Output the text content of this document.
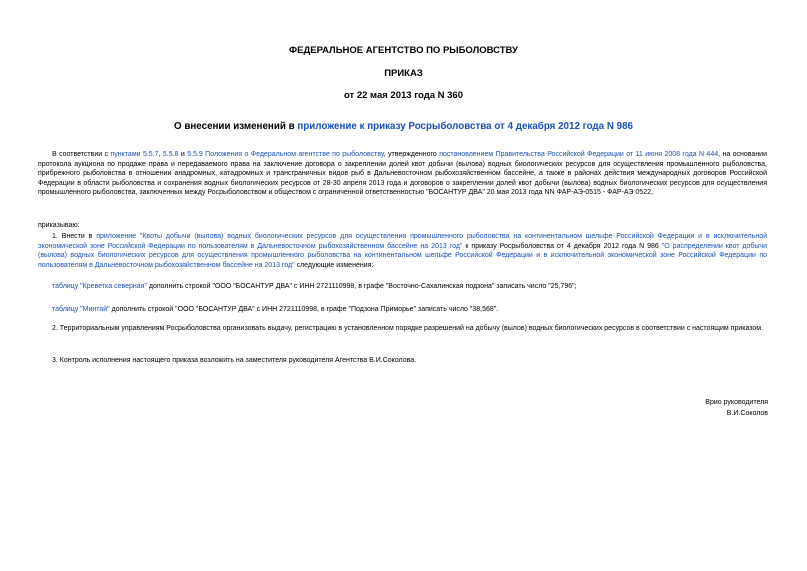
ФЕДЕРАЛЬНОЕ АГЕНТСТВО ПО РЫБОЛОВСТВУ
ПРИКАЗ
от 22 мая 2013 года N 360
О внесении изменений в приложение к приказу Росрыболовства от 4 декабря 2012 года N 986
В соответствии с пунктами 5.5.7, 5.5.8 и 5.5.9 Положения о Федеральном агентстве по рыболовству, утвержденного постановлением Правительства Российской Федерации от 11 июня 2008 года N 444, на основании протокола аукциона по продаже права и передаваемого права на заключение договора о закреплении долей квот добычи (вылова) водных биологических ресурсов для осуществления промышленного рыболовства, прибрежного рыболовства в отношении анадромных, катадромных и трансграничных видов рыб в Дальневосточном рыбохозяйственном бассейне, а также в районах действия международных договоров Российской Федерации в области рыболовства и сохранения водных биологических ресурсов от 28-30 апреля 2013 года и договоров о закреплении долей квот добычи (вылова) водных биологических ресурсов для осуществления промышленного рыболовства, заключенных между Росрыболовством и обществом с ограниченной ответственностью "БОСАНТУР ДВА" 20 мая 2013 года NN ФАР-АЭ-0515 - ФАР-АЭ 0522,
приказываю:
1. Внести в приложение "Квоты добычи (вылова) водных биологических ресурсов для осуществления промышленного рыболовства на континентальном шельфе Российской Федерации и в исключительной экономической зоне Российской Федерации по пользователям в Дальневосточном рыбохозяйственном бассейне на 2013 год" к приказу Росрыболовства от 4 декабря 2012 года N 986 "О распределении квот добычи (вылова) водных биологических ресурсов для осуществления промышленного рыболовства на континентальном шельфе Российской Федерации и в исключительной экономической зоне Российской Федерации по пользователям в Дальневосточном рыбохозяйственном бассейне на 2013 год" следующие изменения:
таблицу "Креветка северная" дополнить строкой "ООО "БОСАНТУР ДВА" с ИНН 2721110998, в графе "Восточно-Сахалинская подзона" записать число "25,796";
таблицу "Минтай" дополнить строкой "ООО "БОСАНТУР ДВА" с ИНН 2721110998, в графе "Подзона Приморье" записать число "38,568".
2. Территориальным управлениям Росрыболовства организовать выдачу, регистрацию в установленном порядке разрешений на добычу (вылов) водных биологических ресурсов в соответствии с настоящим приказом.
3. Контроль исполнения настоящего приказа возложить на заместителя руководителя Агентства В.И.Соколова.
Врио руководителя
В.И.Соколов
